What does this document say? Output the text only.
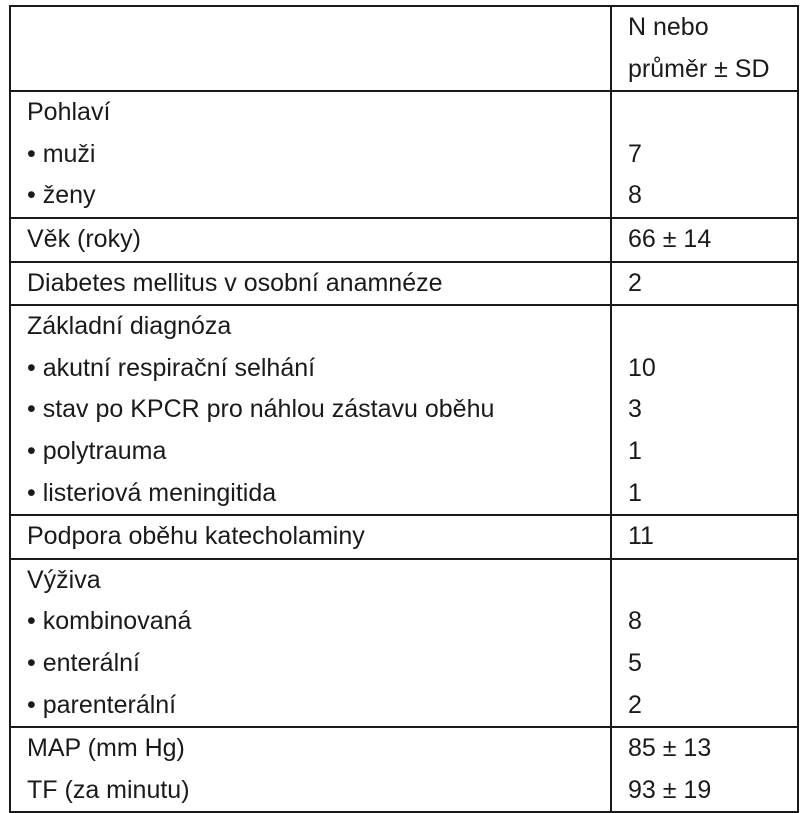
	N nebo
	průměr ± SD
Pohlaví	
• muži	7
• ženy	8
Věk (roky)	66 ± 14
Diabetes mellitus v osobní anamnéze	2
Základní diagnóza	
• akutní respirační selhání	10
• stav po KPCR pro náhlou zástavu oběhu	3
• polytrauma	1
• listeriová meningitida	1
Podpora oběhu katecholaminy	11
Výživa	
• kombinovaná	8
• enterální	5
• parenterální	2
MAP (mm Hg)	85 ± 13
TF (za minutu)	93 ± 19
